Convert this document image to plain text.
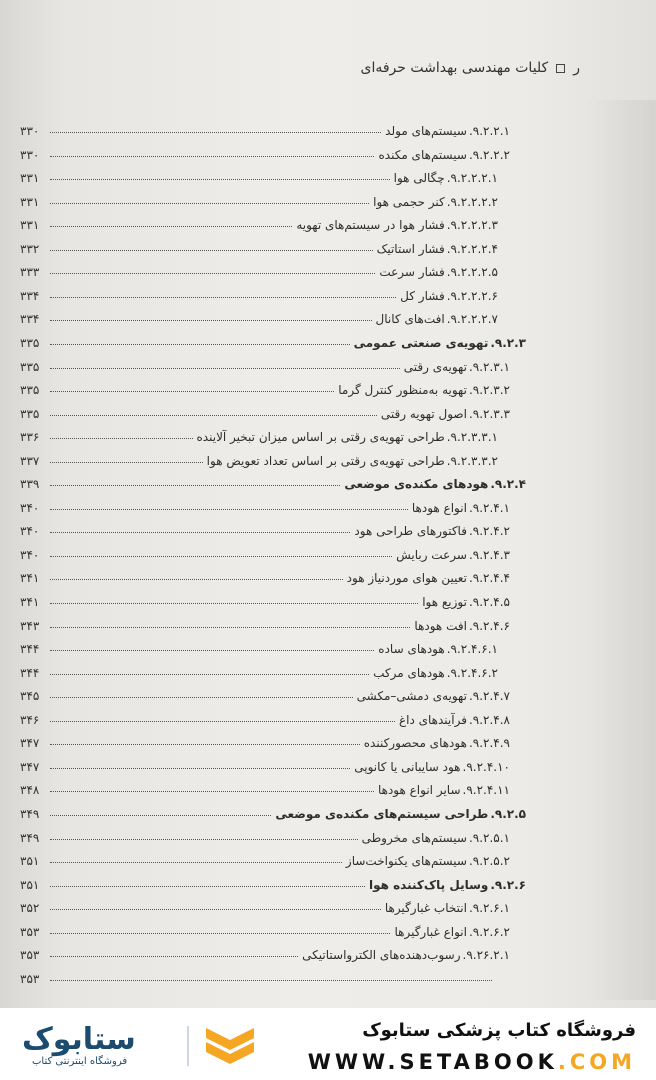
ر
کلیات مهندسی بهداشت حرفه‌ای
۹.۲.۲.۱.
سیستم‌های مولد
۳۳۰
۹.۲.۲.۲.
سیستم‌های مکنده
۳۳۰
۹.۲.۲.۲.۱.
چگالی هوا
۳۳۱
۹.۲.۲.۲.۲.
کنر حجمی هوا
۳۳۱
۹.۲.۲.۲.۳.
فشار هوا در سیستم‌های تهویه
۳۳۱
۹.۲.۲.۲.۴.
فشار استاتیک
۳۳۲
۹.۲.۲.۲.۵.
فشار سرعت
۳۳۳
۹.۲.۲.۲.۶.
فشار کل
۳۳۴
۹.۲.۲.۲.۷.
افت‌های کانال
۳۳۴
۹.۲.۳.
تهویه‌ی صنعتی عمومی
۳۳۵
۹.۲.۳.۱.
تهویه‌ی رقتی
۳۳۵
۹.۲.۳.۲.
تهویه به‌منظور کنترل گرما
۳۳۵
۹.۲.۳.۳.
اصول تهویه رقتی
۳۳۵
۹.۲.۳.۳.۱.
طراحی تهویه‌ی رقتی بر اساس میزان تبخیر آلاینده
۳۳۶
۹.۲.۳.۳.۲.
طراحی تهویه‌ی رقتی بر اساس تعداد تعویض هوا
۳۳۷
۹.۲.۴.
هودهای مکنده‌ی موضعی
۳۳۹
۹.۲.۴.۱.
انواع هودها
۳۴۰
۹.۲.۴.۲.
فاکتورهای طراحی هود
۳۴۰
۹.۲.۴.۳.
سرعت ربایش
۳۴۰
۹.۲.۴.۴.
تعیین هوای موردنیاز هود
۳۴۱
۹.۲.۴.۵.
توزیع هوا
۳۴۱
۹.۲.۴.۶.
افت هودها
۳۴۳
۹.۲.۴.۶.۱.
هودهای ساده
۳۴۴
۹.۲.۴.۶.۲.
هودهای مرکب
۳۴۴
۹.۲.۴.۷.
تهویه‌ی دمشی–مکشی
۳۴۵
۹.۲.۴.۸.
فرآیندهای داغ
۳۴۶
۹.۲.۴.۹.
هودهای محصورکننده
۳۴۷
۹.۲.۴.۱۰.
هود سایبانی یا کانوپی
۳۴۷
۹.۲.۴.۱۱.
سایر انواع هودها
۳۴۸
۹.۲.۵.
طراحی سیستم‌های مکنده‌ی موضعی
۳۴۹
۹.۲.۵.۱.
سیستم‌های مخروطی
۳۴۹
۹.۲.۵.۲.
سیستم‌های یکنواخت‌ساز
۳۵۱
۹.۲.۶.
وسایل پاک‌کننده هوا
۳۵۱
۹.۲.۶.۱.
انتخاب غبارگیرها
۳۵۲
۹.۲.۶.۲.
انواع غبارگیرها
۳۵۳
۹.۲۶.۲.۱.
رسوب‌دهنده‌های الکترواستاتیکی
۳۵۳
۳۵۳
ستابوک
فروشگاه اینترنتی کتاب
فروشگاه کتاب پزشکی ستابوک
WWW.SETABOOK.COM
